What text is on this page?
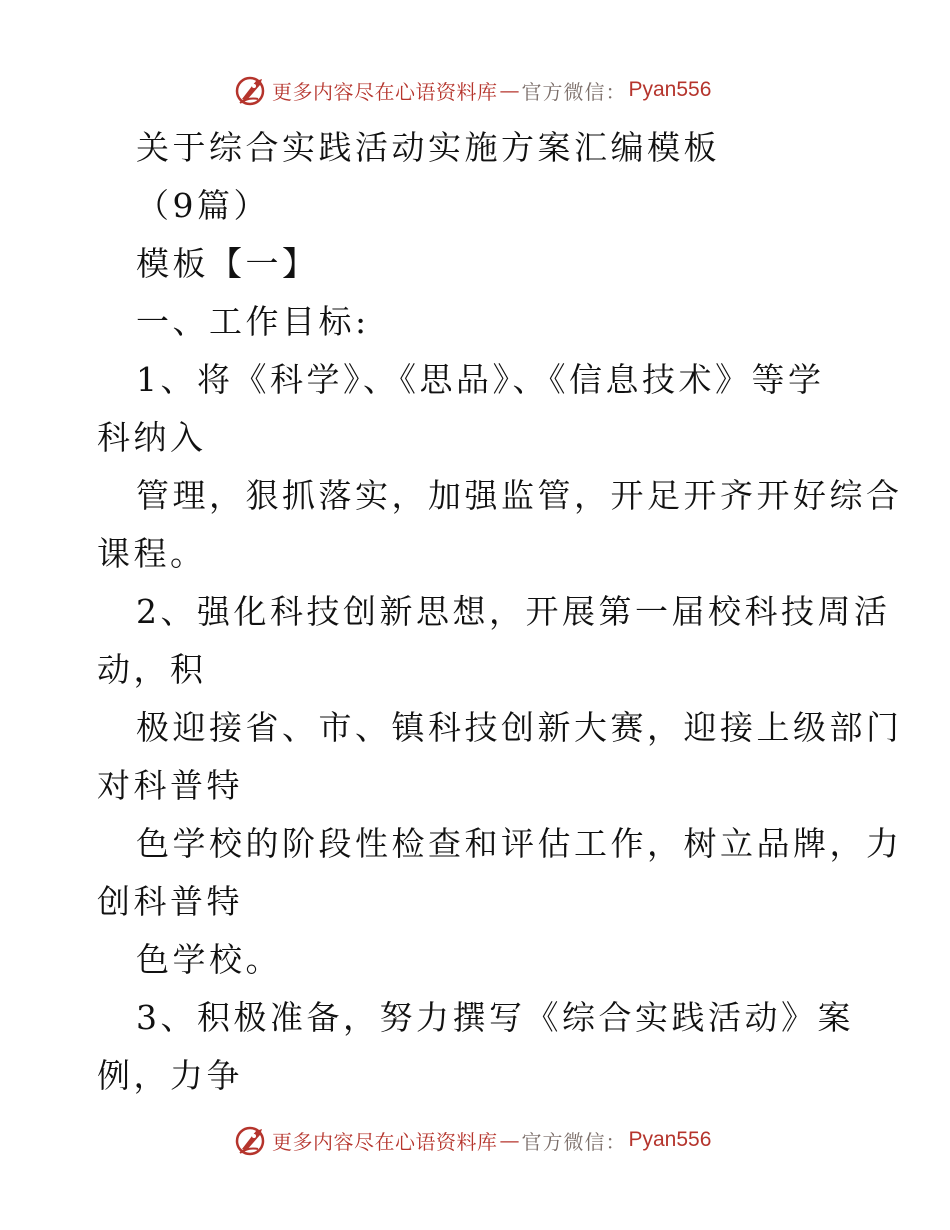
更多内容尽在心语资料库 — 官方微信： Pyan556
关于综合实践活动实施方案汇编模板
（9篇）
模板【一】
一、工作目标:
1、将《科学》、《思品》、《信息技术》等学
科纳入
管理，狠抓落实，加强监管，开足开齐开好综合
课程。
2、强化科技创新思想，开展第一届校科技周活
动，积
极迎接省、市、镇科技创新大赛，迎接上级部门
对科普特
色学校的阶段性检查和评估工作，树立品牌，力
创科普特
色学校。
3、积极准备，努力撰写《综合实践活动》案
例，力争
更多内容尽在心语资料库 — 官方微信： Pyan556
